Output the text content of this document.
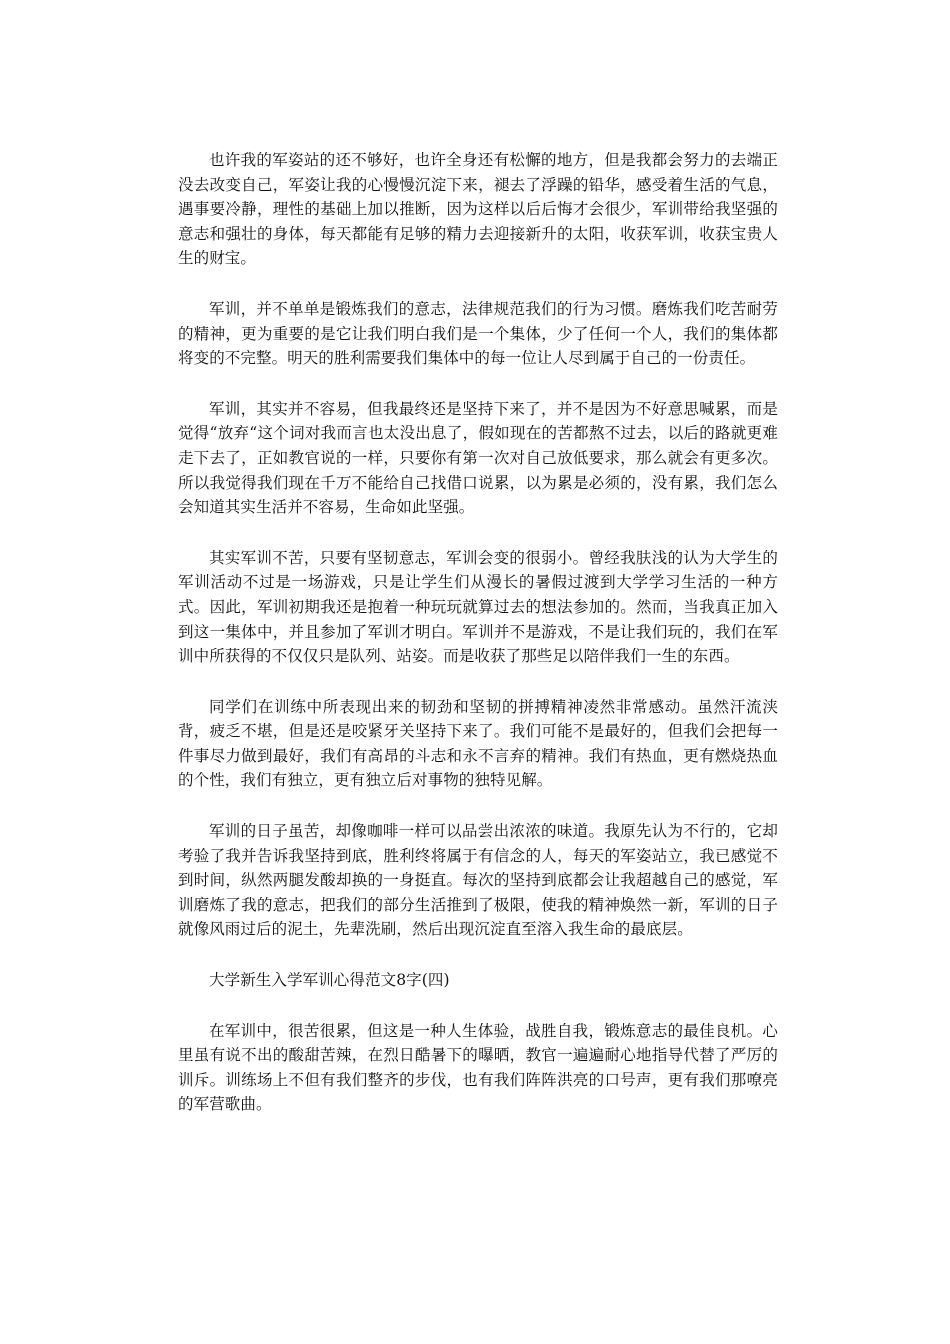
也许我的军姿站的还不够好，也许全身还有松懈的地方，但是我都会努力的去端正没去改变自己，军姿让我的心慢慢沉淀下来，褪去了浮躁的铅华，感受着生活的气息，遇事要冷静，理性的基础上加以推断，因为这样以后后悔才会很少，军训带给我坚强的意志和强壮的身体，每天都能有足够的精力去迎接新升的太阳，收获军训，收获宝贵人生的财宝。

军训，并不单单是锻炼我们的意志，法律规范我们的行为习惯。磨炼我们吃苦耐劳的精神，更为重要的是它让我们明白我们是一个集体，少了任何一个人，我们的集体都将变的不完整。明天的胜利需要我们集体中的每一位让人尽到属于自己的一份责任。

军训，其实并不容易，但我最终还是坚持下来了，并不是因为不好意思喊累，而是觉得“放弃“这个词对我而言也太没出息了，假如现在的苦都熬不过去，以后的路就更难走下去了，正如教官说的一样，只要你有第一次对自己放低要求，那么就会有更多次。所以我觉得我们现在千万不能给自己找借口说累，以为累是必须的，没有累，我们怎么会知道其实生活并不容易，生命如此坚强。

其实军训不苦，只要有坚韧意志，军训会变的很弱小。曾经我肤浅的认为大学生的军训活动不过是一场游戏，只是让学生们从漫长的暑假过渡到大学学习生活的一种方式。因此，军训初期我还是抱着一种玩玩就算过去的想法参加的。然而，当我真正加入到这一集体中，并且参加了军训才明白。军训并不是游戏，不是让我们玩的，我们在军训中所获得的不仅仅只是队列、站姿。而是收获了那些足以陪伴我们一生的东西。

同学们在训练中所表现出来的韧劲和坚韧的拼搏精神凌然非常感动。虽然汗流浃背，疲乏不堪，但是还是咬紧牙关坚持下来了。我们可能不是最好的，但我们会把每一件事尽力做到最好，我们有高昂的斗志和永不言弃的精神。我们有热血，更有燃烧热血的个性，我们有独立，更有独立后对事物的独特见解。

军训的日子虽苦，却像咖啡一样可以品尝出浓浓的味道。我原先认为不行的，它却考验了我并告诉我坚持到底，胜利终将属于有信念的人，每天的军姿站立，我已感觉不到时间，纵然两腿发酸却换的一身挺直。每次的坚持到底都会让我超越自己的感觉，军训磨炼了我的意志，把我们的部分生活推到了极限，使我的精神焕然一新，军训的日子就像风雨过后的泥土，先辈洗刷，然后出现沉淀直至溶入我生命的最底层。

大学新生入学军训心得范文8字(四)

在军训中，很苦很累，但这是一种人生体验，战胜自我，锻炼意志的最佳良机。心里虽有说不出的酸甜苦辣，在烈日酷暑下的曝晒，教官一遍遍耐心地指导代替了严厉的训斥。训练场上不但有我们整齐的步伐，也有我们阵阵洪亮的口号声，更有我们那嘹亮的军营歌曲。
